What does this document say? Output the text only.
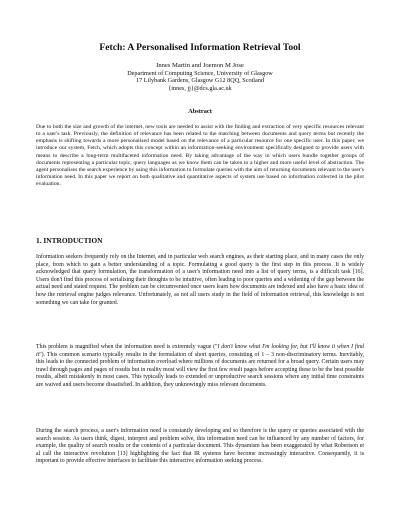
Fetch: A Personalised Information Retrieval Tool
Innes Martin and Joemon M Jose
Department of Computing Science, University of Glasgow
17 Lilybank Gardens, Glasgow G12 8QQ, Scotland
{innes, jj}@dcs.gla.ac.uk
Abstract
Due to both the size and growth of the internet, new tools are needed to assist with the finding and extraction of very specific resources relevant to a user's task. Previously, the definition of relevance has been related to the matching between documents and query terms but recently the emphasis is shifting towards a more personalised model based on the relevance of a particular resource for one specific user. In this paper, we introduce our system, Fetch, which adopts this concept within an information-seeking environment specifically designed to provide users with means to describe a long-term multifaceted information need. By taking advantage of the way in which users bundle together groups of documents representing a particular topic, query languages as we know them can be taken to a higher and more useful level of abstraction. The agent personalises the search experience by using this information to formulate queries with the aim of returning documents relevant to the user's information need. In this paper we report on both qualitative and quantitative aspects of system use based on information collected in the pilot evaluation.
1. INTRODUCTION
Information seekers frequently rely on the Internet, and in particular web search engines, as their starting place, and in many cases the only place, from which to gain a better understanding of a topic. Formulating a good query is the first step in this process. It is widely acknowledged that query formulation, the transformation of a user's information need into a list of query terms, is a difficult task [16]. Users don't find this process of serialising their thoughts to be intuitive, often leading to poor queries and a widening of the gap between the actual need and stated request. The problem can be circumvented once users learn how documents are indexed and also have a basic idea of how the retrieval engine judges relevance. Unfortunately, as not all users study in the field of information retrieval, this knowledge is not something we can take for granted.
This problem is magnified when the information need is extremely vague ("I don't know what I'm looking for, but I'll know it when I find it"). This common scenario typically results in the formulation of short queries, consisting of 1 – 3 non-discriminatory terms. Inevitably, this leads to the connected problem of information overload where millions of documents are returned for a broad query. Certain users may trawl through pages and pages of results but in reality most will view the first few result pages before accepting these to be the best possible results, albeit mistakenly in most cases. This typically leads to extended or unproductive search sessions where any initial time constraints are waived and users become dissatisfied. In addition, they unknowingly miss relevant documents.
During the search process, a user's information need is constantly developing and so therefore is the query or queries associated with the search session. As users think, digest, interpret and problem solve, this information need can be influenced by any number of factors, for example, the quality of search results or the contents of a particular document. This dynamism has been exaggerated by what Robertson et al call the interactive revolution [13] highlighting the fact that IR systems have become increasingly interactive. Consequently, it is important to provide effective interfaces to facilitate this interactive information seeking process.
